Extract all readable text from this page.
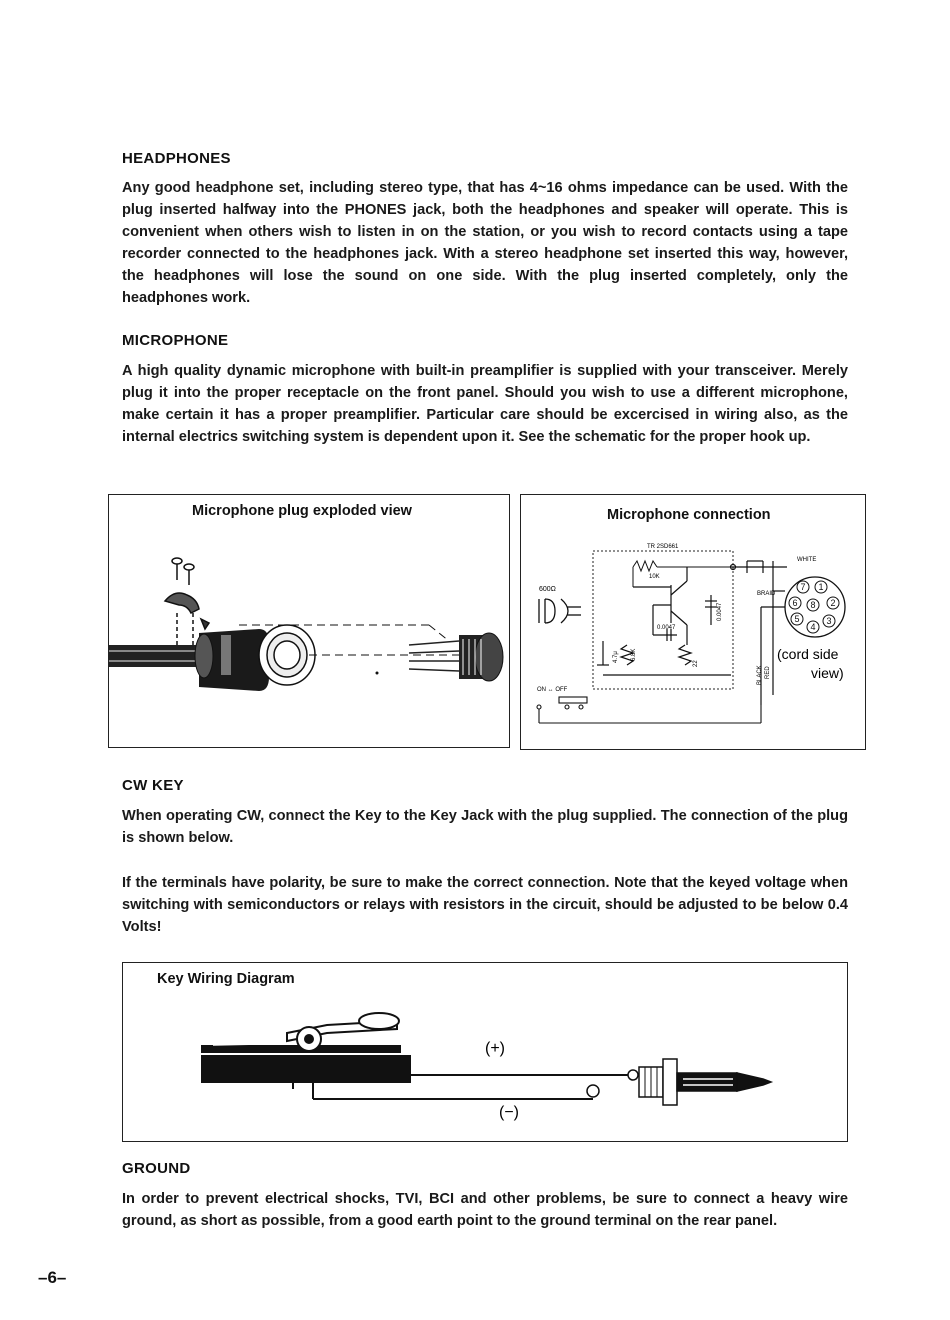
HEADPHONES
Any good headphone set, including stereo type, that has 4~16 ohms impedance can be used. With the plug inserted halfway into the PHONES jack, both the headphones and speaker will operate. This is convenient when others wish to listen in on the station, or you wish to record contacts using a tape recorder connected to the headphones jack. With a stereo headphone set inserted this way, however, the headphones will lose the sound on one side. With the plug inserted completely, only the headphones work.
MICROPHONE
A high quality dynamic microphone with built-in preamplifier is supplied with your transceiver. Merely plug it into the proper receptacle on the front panel. Should you wish to use a different microphone, make certain it has a proper preamplifier. Particular care should be excercised in wiring also, as the internal electrics switching system is dependent upon it. See the schematic for the proper hook up.
Microphone plug exploded view	Microphone connection
TR 2SD661
10K
600Ω
0.0047
0.0047
4.7μ 6.8K
22
WHITE
BRAID
BLACK RED
7 1
6 8 2
5
4
3
(cord side
view)
ON ↔ OFF
CW KEY
When operating CW, connect the Key to the Key Jack with the plug supplied. The connection of the plug is shown below.
If the terminals have polarity, be sure to make the correct connection. Note that the keyed voltage when switching with semiconductors or relays with resistors in the circuit, should be adjusted to be below 0.4 Volts!
Key Wiring Diagram
(+)
(−)
GROUND
In order to prevent electrical shocks, TVI, BCI and other problems, be sure to connect a heavy wire ground, as short as possible, from a good earth point to the ground terminal on the rear panel.
–6–
